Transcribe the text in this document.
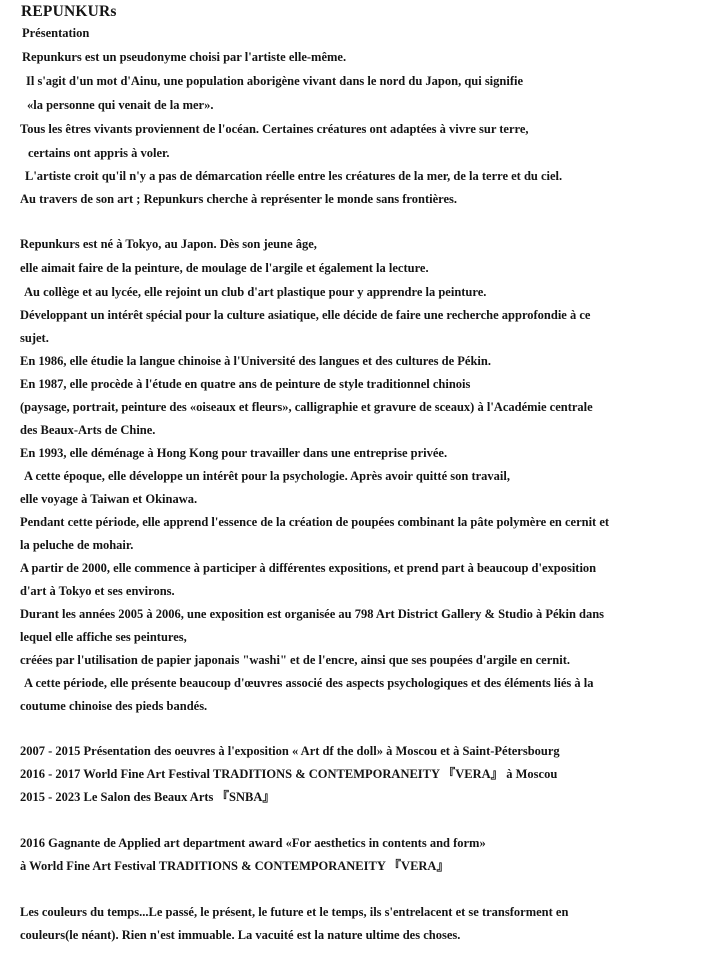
REPUNKURs
Présentation
Repunkurs est un pseudonyme choisi par l'artiste elle-même.
Il s'agit d'un mot d'Ainu, une population aborigène vivant dans le nord du Japon, qui signifie
«la personne qui venait de la mer».
Tous les êtres vivants proviennent de l'océan. Certaines créatures ont adaptées à vivre sur terre,
certains ont appris à voler.
L'artiste croit qu'il n'y a pas de démarcation réelle entre les créatures de la mer, de la terre et du ciel.
Au travers de son art ; Repunkurs cherche à représenter le monde sans frontières.
Repunkurs est né à Tokyo, au Japon. Dès son jeune âge,
elle aimait faire de la peinture, de moulage de l'argile et également la lecture.
Au collège et au lycée, elle rejoint un club d'art plastique pour y apprendre la peinture.
Développant un intérêt spécial pour la culture asiatique, elle décide de faire une recherche approfondie à ce
sujet.
En 1986, elle étudie la langue chinoise à l'Université des langues et des cultures de Pékin.
En 1987, elle procède à l'étude en quatre ans de peinture de style traditionnel chinois
(paysage, portrait, peinture des «oiseaux et fleurs», calligraphie et gravure de sceaux) à l'Académie centrale
des Beaux-Arts de Chine.
En 1993, elle déménage à Hong Kong pour travailler dans une entreprise privée.
A cette époque, elle développe un intérêt pour la psychologie. Après avoir quitté son travail,
elle voyage à Taiwan et Okinawa.
Pendant cette période, elle apprend l'essence de la création de poupées combinant la pâte polymère en cernit et
la peluche de mohair.
A partir de 2000, elle commence à participer à différentes expositions, et prend part à beaucoup d'exposition
d'art à Tokyo et ses environs.
Durant les années 2005 à 2006, une exposition est organisée au 798 Art District Gallery & Studio à Pékin dans
lequel elle affiche ses peintures,
créées par l'utilisation de papier japonais "washi" et de l'encre, ainsi que ses poupées d'argile en cernit.
A cette période, elle présente beaucoup d'œuvres associé des aspects psychologiques et des éléments liés à la
coutume chinoise des pieds bandés.
2007 - 2015 Présentation des oeuvres à l'exposition « Art df the doll» à Moscou et à Saint-Pétersbourg
2016 - 2017 World Fine Art Festival TRADITIONS & CONTEMPORANEITY 『VERA』 à Moscou
2015 - 2023 Le Salon des Beaux Arts 『SNBA』
2016 Gagnante de Applied art department award «For aesthetics in contents and form»
à World Fine Art Festival TRADITIONS & CONTEMPORANEITY 『VERA』
Les couleurs du temps...Le passé, le présent, le future et le temps, ils s'entrelacent et se transforment en
couleurs(le néant). Rien n'est immuable. La vacuité est la nature ultime des choses.
